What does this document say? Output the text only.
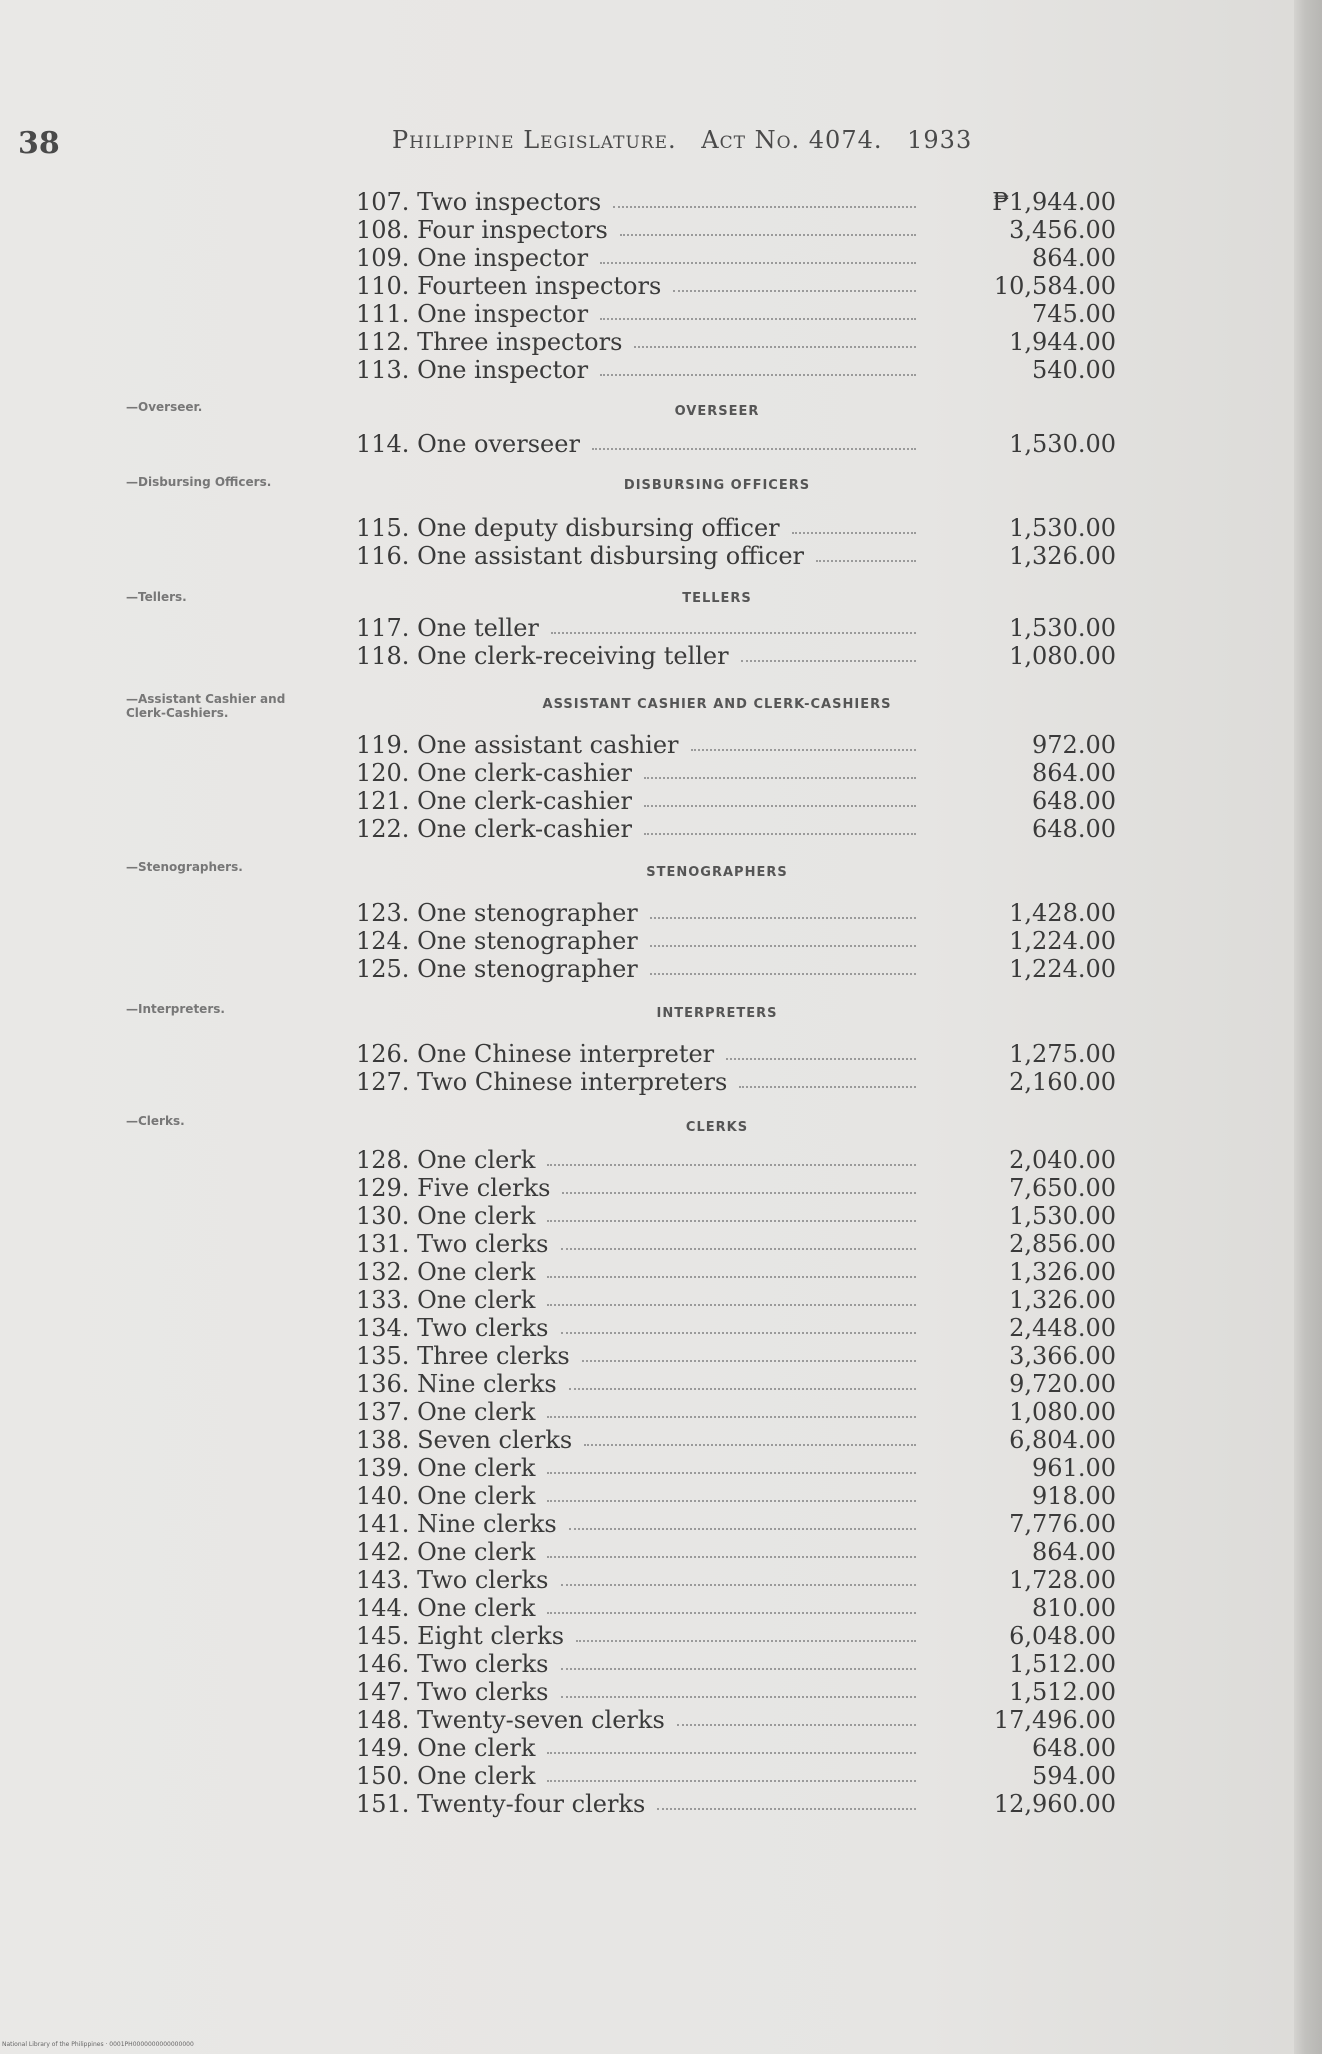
38	Philippine Legislature. Act No. 4074. 1933
107. Two inspectors	₱1,944.00
108. Four inspectors	3,456.00
109. One inspector	864.00
110. Fourteen inspectors	10,584.00
111. One inspector	745.00
112. Three inspectors	1,944.00
113. One inspector	540.00
—Overseer.	OVERSEER
114. One overseer	1,530.00
—Disbursing Officers.	DISBURSING OFFICERS
115. One deputy disbursing officer	1,530.00
116. One assistant disbursing officer	1,326.00
—Tellers.	TELLERS
117. One teller	1,530.00
118. One clerk-receiving teller	1,080.00
—Assistant Cashier and Clerk-Cashiers.
ASSISTANT CASHIER AND CLERK-CASHIERS
119. One assistant cashier	972.00
120. One clerk-cashier	864.00
121. One clerk-cashier	648.00
122. One clerk-cashier	648.00
—Stenographers.	STENOGRAPHERS
123. One stenographer	1,428.00
124. One stenographer	1,224.00
125. One stenographer	1,224.00
—Interpreters.	INTERPRETERS
126. One Chinese interpreter	1,275.00
127. Two Chinese interpreters	2,160.00
—Clerks.	CLERKS
128. One clerk	2,040.00
129. Five clerks	7,650.00
130. One clerk	1,530.00
131. Two clerks	2,856.00
132. One clerk	1,326.00
133. One clerk	1,326.00
134. Two clerks	2,448.00
135. Three clerks	3,366.00
136. Nine clerks	9,720.00
137. One clerk	1,080.00
138. Seven clerks	6,804.00
139. One clerk	961.00
140. One clerk	918.00
141. Nine clerks	7,776.00
142. One clerk	864.00
143. Two clerks	1,728.00
144. One clerk	810.00
145. Eight clerks	6,048.00
146. Two clerks	1,512.00
147. Two clerks	1,512.00
148. Twenty-seven clerks	17,496.00
149. One clerk	648.00
150. One clerk	594.00
151. Twenty-four clerks	12,960.00
National Library of the Philippines · 0001PH0000000000000000
